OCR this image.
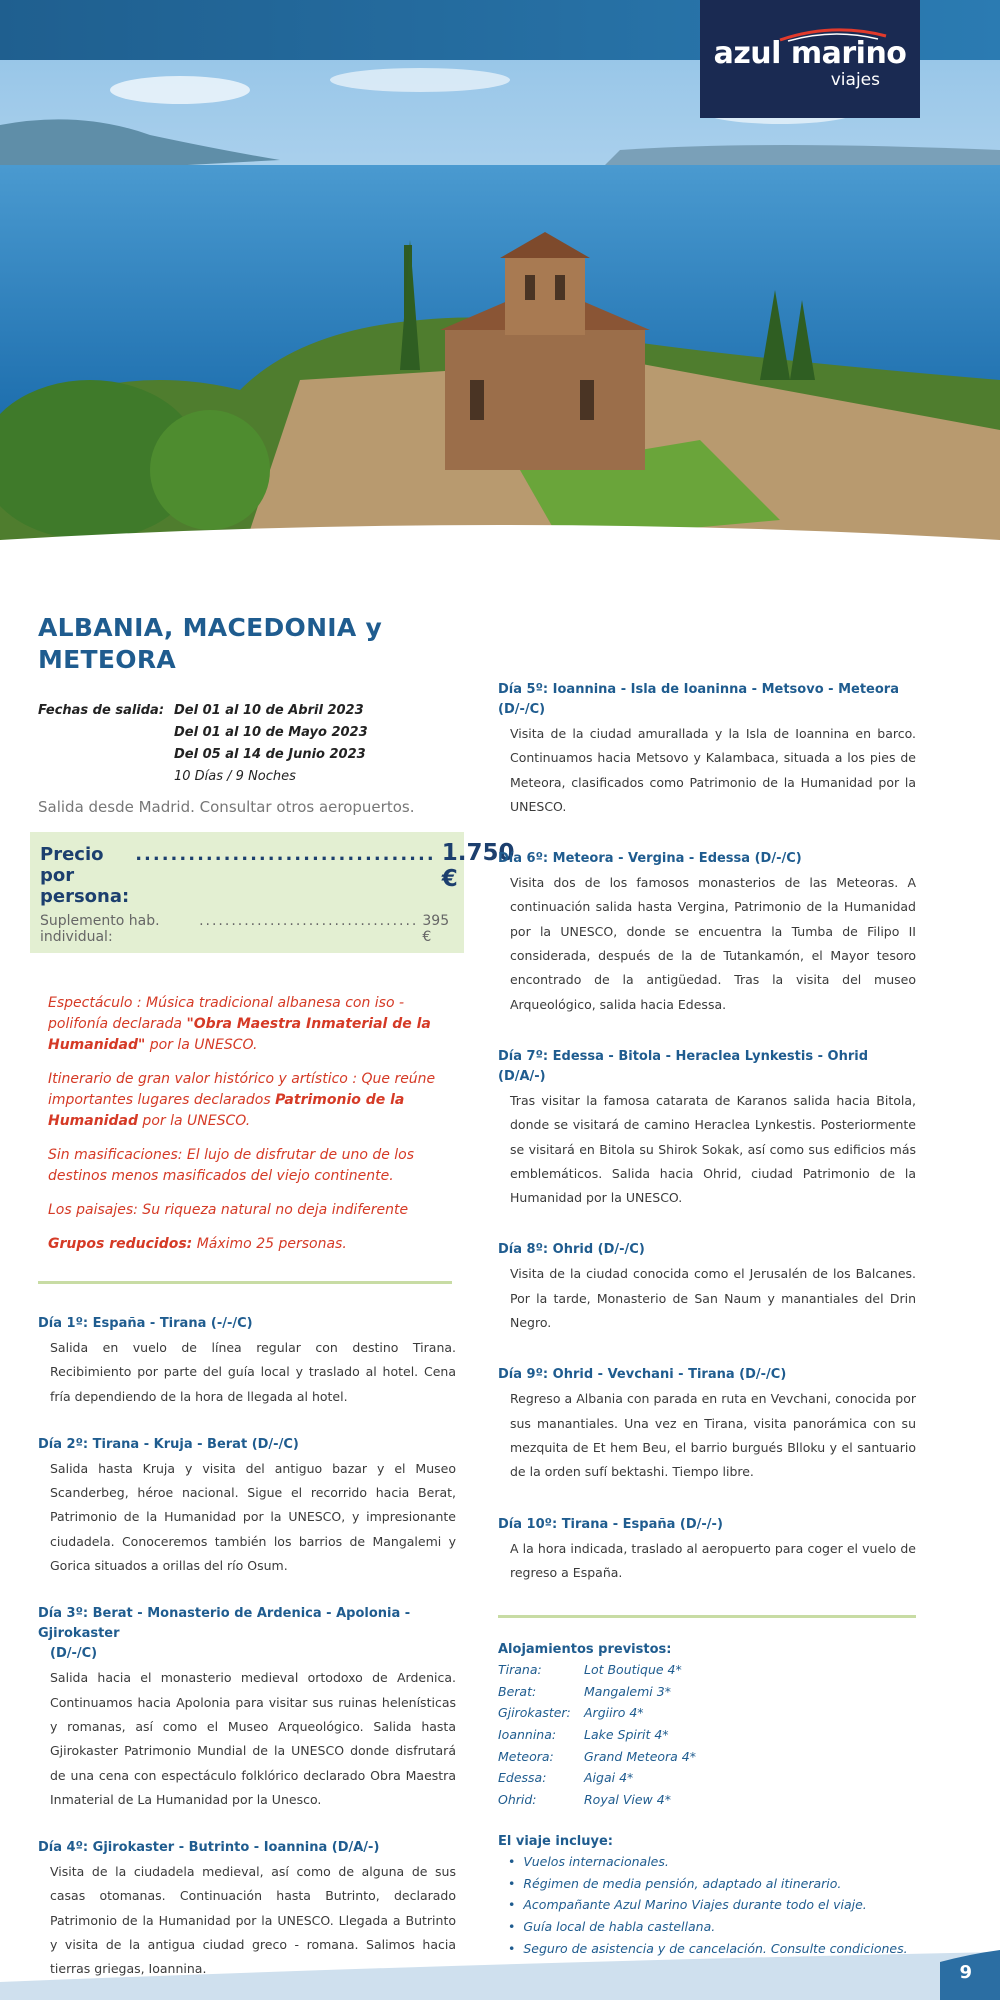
azul marino
viajes
ALBANIA, MACEDONIA y METEORA
Fechas de salida: Del 01 al 10 de Abril 2023
Del 01 al 10 de Mayo 2023
Del 05 al 14 de Junio 2023
10 Días / 9 Noches
Salida desde Madrid. Consultar otros aeropuertos.
Precio por persona:
.................................. 1.750 €
Suplemento hab. individual:
.................................. 395 €

Espectáculo : Música tradicional albanesa con iso - polifonía declarada "Obra Maestra Inmaterial de la Humanidad" por la UNESCO.

Itinerario de gran valor histórico y artístico : Que reúne importantes lugares declarados Patrimonio de la Humanidad por la UNESCO.

Sin masificaciones: El lujo de disfrutar de uno de los destinos menos masificados del viejo continente.

Los paisajes: Su riqueza natural no deja indiferente

Grupos reducidos: Máximo 25 personas.

Día 1º: España - Tirana (-/-/C)

Salida en vuelo de línea regular con destino Tirana. Recibimiento por parte del guía local y traslado al hotel. Cena fría dependiendo de la hora de llegada al hotel.

Día 2º: Tirana - Kruja - Berat (D/-/C)

Salida hasta Kruja y visita del antiguo bazar y el Museo Scanderbeg, héroe nacional. Sigue el recorrido hacia Berat, Patrimonio de la Humanidad por la UNESCO, y impresionante ciudadela. Conoceremos también los barrios de Mangalemi y Gorica situados a orillas del río Osum.

Día 3º: Berat - Monasterio de Ardenica - Apolonia - Gjirokaster
(D/-/C)

Salida hacia el monasterio medieval ortodoxo de Ardenica. Continuamos hacia Apolonia para visitar sus ruinas helenísticas y romanas, así como el Museo Arqueológico. Salida hasta Gjirokaster Patrimonio Mundial de la UNESCO donde disfrutará de una cena con espectáculo folklórico declarado Obra Maestra Inmaterial de La Humanidad por la Unesco.

Día 4º: Gjirokaster - Butrinto - Ioannina (D/A/-)

Visita de la ciudadela medieval, así como de alguna de sus casas otomanas. Continuación hasta Butrinto, declarado Patrimonio de la Humanidad por la UNESCO. Llegada a Butrinto y visita de la antigua ciudad greco - romana. Salimos hacia tierras griegas, Ioannina.

Día 5º: Ioannina - Isla de Ioaninna - Metsovo - Meteora (D/-/C)

Visita de la ciudad amurallada y la Isla de Ioannina en barco. Continuamos hacia Metsovo y Kalambaca, situada a los pies de Meteora, clasificados como Patrimonio de la Humanidad por la UNESCO.

Día 6º: Meteora - Vergina - Edessa (D/-/C)

Visita dos de los famosos monasterios de las Meteoras. A continuación salida hasta Vergina, Patrimonio de la Humanidad por la UNESCO, donde se encuentra la Tumba de Filipo II considerada, después de la de Tutankamón, el Mayor tesoro encontrado de la antigüedad. Tras la visita del museo Arqueológico, salida hacia Edessa.

Día 7º: Edessa - Bitola - Heraclea Lynkestis - Ohrid (D/A/-)

Tras visitar la famosa catarata de Karanos salida hacia Bitola, donde se visitará de camino Heraclea Lynkestis. Posteriormente se visitará en Bitola su Shirok Sokak, así como sus edificios más emblemáticos. Salida hacia Ohrid, ciudad Patrimonio de la Humanidad por la UNESCO.

Día 8º: Ohrid (D/-/C)

Visita de la ciudad conocida como el Jerusalén de los Balcanes. Por la tarde, Monasterio de San Naum y manantiales del Drin Negro.

Día 9º: Ohrid - Vevchani - Tirana (D/-/C)

Regreso a Albania con parada en ruta en Vevchani, conocida por sus manantiales. Una vez en Tirana, visita panorámica con su mezquita de Et hem Beu, el barrio burgués Blloku y el santuario de la orden sufí bektashi. Tiempo libre.

Día 10º: Tirana - España (D/-/-)

A la hora indicada, traslado al aeropuerto para coger el vuelo de regreso a España.

Alojamientos previstos:
Tirana:	Lot Boutique 4*
Berat:	Mangalemi 3*
Gjirokaster:	Argiiro 4*
Ioannina:	Lake Spirit 4*
Meteora:	Grand Meteora 4*
Edessa:	Aigai 4*
Ohrid:	Royal View 4*
El viaje incluye:
• Vuelos internacionales.
• Régimen de media pensión, adaptado al itinerario.
• Acompañante Azul Marino Viajes durante todo el viaje.
• Guía local de habla castellana.
• Seguro de asistencia y de cancelación. Consulte condiciones.
•
9
